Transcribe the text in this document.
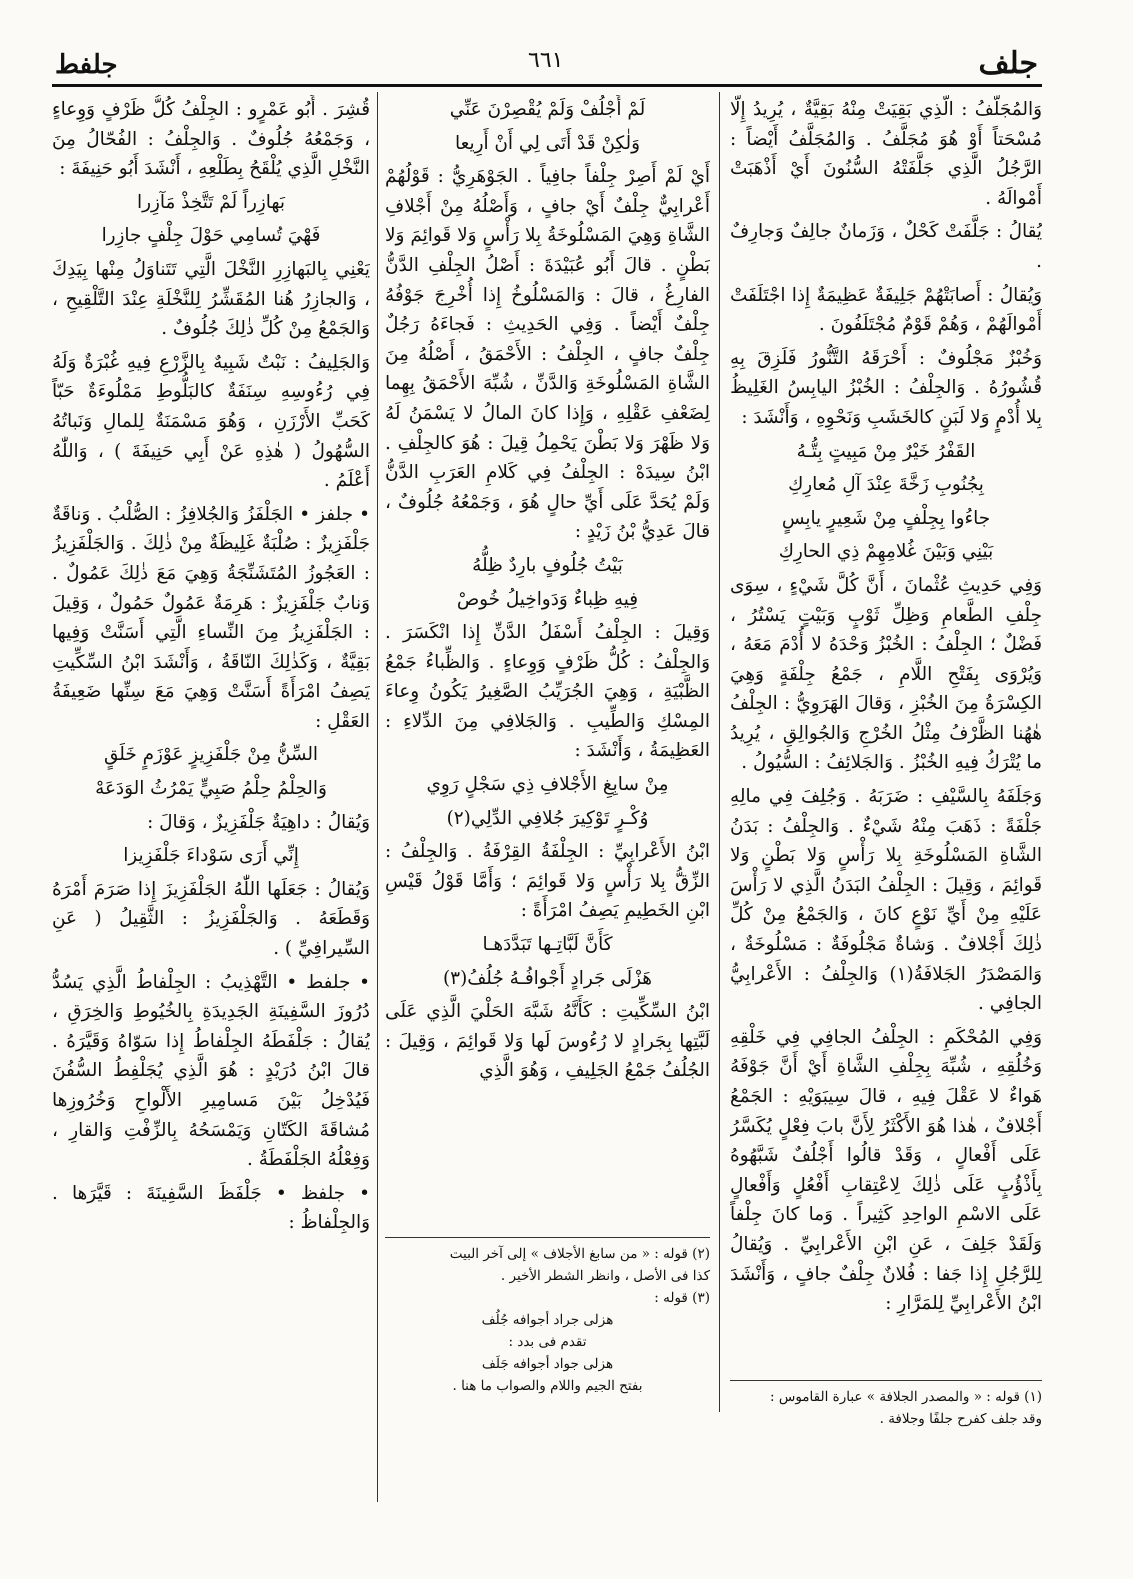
جلف
٦٦١
جلفط

وَالمُجَلَّفُ : الَّذِي بَقِيَتْ مِنْهُ بَقِيَّةٌ ، يُرِيدُ إِلَّا مُسْحَتاً أَوْ هُوَ مُجَلَّفُ . وَالمُجَلَّفُ أَيْضاً : الرَّجُلُ الَّذِي جَلَّفَتْهُ السُّنُونَ أَيْ أَذْهَبَتْ أَمْوالَهُ .

يُقالُ : جَلَّفَتْ كَحْلٌ ، وَزَمانٌ جالِفٌ وَجارِفٌ .

وَيُقالُ : أَصابَتْهُمْ جَلِيفَةٌ عَظِيمَةٌ إِذا اجْتَلَفَتْ أَمْوالَهُمْ ، وَهُمْ قَوْمٌ مُجْتَلَفُونَ .

وَخُبْزٌ مَجْلُوفٌ : أَحْرَقَهُ التَّنُّورُ فَلَزِقَ بِهِ قُشُورُهُ . وَالجِلْفُ : الخُبْزُ اليابِسُ الغَلِيظُ بِلا أُدْمٍ وَلا لَبَنٍ كالخَشَبِ وَنَحْوِهِ ، وَأَنْشَدَ :

القَفْرُ خَيْرٌ مِنْ مَبِيتٍ بِتُّـهُ

بِجُنُوبِ زَخَّةَ عِنْدَ آلِ مُعارِكِ

جاءُوا بِجِلْفٍ مِنْ شَعِيرٍ يابِسٍ

بَيْنِي وَبَيْنَ غُلامِهِمْ ذِي الحارِكِ

وَفِي حَدِيثِ عُثْمانَ ، أَنَّ كُلَّ شَيْءٍ ، سِوَى جِلْفِ الطَّعامِ وَظِلِّ ثَوْبٍ وَبَيْتٍ يَسْتُرُ ، فَضْلٌ ؛ الجِلْفُ : الخُبْزُ وَحْدَهُ لا أُدْمَ مَعَهُ ، وَيُرْوَى بِفَتْحِ اللَّامِ ، جَمْعُ جِلْفَةٍ وَهِيَ الكِسْرَةُ مِنَ الخُبْزِ ، وَقالَ الهَرَوِيُّ : الجِلْفُ هٰهُنا الظَّرْفُ مِثْلُ الخُرْجِ وَالجُوالِقِ ، يُرِيدُ ما يُتْرَكُ فِيهِ الخُبْزُ . وَالجَلائِفُ : السُّيُولُ .

وَجَلَفَهُ بِالسَّيْفِ : ضَرَبَهُ . وَجُلِفَ فِي مالِهِ جَلْفَةً : ذَهَبَ مِنْهُ شَيْءٌ . وَالجِلْفُ : بَدَنُ الشَّاةِ المَسْلُوخَةِ بِلا رَأْسٍ وَلا بَطْنٍ وَلا قَوائِمَ ، وَقِيلَ : الجِلْفُ البَدَنُ الَّذِي لا رَأْسَ عَلَيْهِ مِنْ أَيِّ نَوْعٍ كانَ ، وَالجَمْعُ مِنْ كُلِّ ذٰلِكَ أَجْلافٌ . وَشاةٌ مَجْلُوفَةٌ : مَسْلُوخَةٌ ، وَالمَصْدَرُ الجَلافَةُ(١) وَالجِلْفُ : الأَعْرابِيُّ الجافِي .

وَفِي المُحْكَمِ : الجِلْفُ الجافِي فِي خَلْقِهِ وَخُلُقِهِ ، شُبِّهَ بِجِلْفِ الشَّاةِ أَيْ أَنَّ جَوْفَهُ هَواءٌ لا عَقْلَ فِيهِ ، قالَ سِيبَوَيْهِ : الجَمْعُ أَجْلافٌ ، هٰذا هُوَ الأَكْثَرُ لِأَنَّ بابَ فِعْلٍ يُكَسَّرُ عَلَى أَفْعالٍ ، وَقَدْ قالُوا أَجْلُفٌ شَبَّهُوهُ بِأَذْؤُبٍ عَلَى ذٰلِكَ لِاعْتِقابِ أَفْعُلٍ وَأَفْعالٍ عَلَى الاسْمِ الواحِدِ كَثِيراً . وَما كانَ جِلْفاً وَلَقَدْ جَلِفَ ، عَنِ ابْنِ الأَعْرابِيِّ . وَيُقالُ لِلرَّجُلِ إِذا جَفا : فُلانٌ جِلْفٌ جافٍ ، وَأَنْشَدَ ابْنُ الأَعْرابِيِّ لِلمَرَّارِ :

لَمْ أَجْلُفْ وَلَمْ يُقْصِرْنَ عَنِّي

وَلٰكِنْ قَدْ أَتَى لِي أَنْ أَرِيعا

أَيْ لَمْ أَصِرْ جِلْفاً جافِياً . الجَوْهَرِيُّ : قَوْلُهُمْ أَعْرابِيٌّ جِلْفٌ أَيْ جافٍ ، وَأَصْلُهُ مِنْ أَجْلافِ الشَّاةِ وَهِيَ المَسْلُوخَةُ بِلا رَأْسٍ وَلا قَوائِمَ وَلا بَطْنٍ . قالَ أَبُو عُبَيْدَةَ : أَصْلُ الجِلْفِ الدَّنُّ الفارِغُ ، قالَ : وَالمَسْلُوخُ إِذا أُخْرِجَ جَوْفُهُ جِلْفٌ أَيْضاً . وَفِي الحَدِيثِ : فَجاءَهُ رَجُلٌ جِلْفٌ جافٍ ، الجِلْفُ : الأَحْمَقُ ، أَصْلُهُ مِنَ الشَّاةِ المَسْلُوخَةِ وَالدَّنِّ ، شُبِّهَ الأَحْمَقُ بِهِما لِضَعْفِ عَقْلِهِ ، وَإِذا كانَ المالُ لا يَسْمَنُ لَهُ وَلا ظَهْرَ وَلا بَطْنَ يَحْمِلُ قِيلَ : هُوَ كالجِلْفِ . ابْنُ سِيدَهْ : الجِلْفُ فِي كَلامِ العَرَبِ الدَّنُّ وَلَمْ يُحَدَّ عَلَى أَيِّ حالٍ هُوَ ، وَجَمْعُهُ جُلُوفٌ ، قالَ عَدِيُّ بْنُ زَيْدٍ :

بَيْتُ جُلُوفٍ بارِدٌ ظِلُّهُ

فِيهِ ظِباءٌ وَدَواخِيلُ خُوصْ

وَقِيلَ : الجِلْفُ أَسْفَلُ الدَّنِّ إِذا انْكَسَرَ . وَالجِلْفُ : كُلُّ ظَرْفٍ وَوِعاءٍ . وَالظِّباءُ جَمْعُ الظَّبْيَةِ ، وَهِيَ الجُرَيِّبُ الصَّغِيرُ يَكُونُ وِعاءَ المِسْكِ وَالطِّيبِ . وَالجَلافِي مِنَ الدِّلاءِ : العَظِيمَةُ ، وَأَنْشَدَ :

مِنْ سابِغِ الأَجْلافِ ذِي سَجْلٍ رَوِي

وُكْـرٍ تَوْكِيرَ جُلافِي الدِّلِي(٢)

ابْنُ الأَعْرابِيِّ : الجِلْفَةُ القِرْفَةُ . وَالجِلْفُ : الزِّقُّ بِلا رَأْسٍ وَلا قَوائِمَ ؛ وَأَمَّا قَوْلُ قَيْسِ ابْنِ الخَطِيمِ يَصِفُ امْرَأَةً :

كَأَنَّ لَبَّاتِـها تَبَدَّدَهـا

هَزْلَى جَرادٍ أَجْوافُـهُ جُلُفُ(٣)

ابْنُ السِّكِّيتِ : كَأَنَّهُ شَبَّهَ الحَلْيَ الَّذِي عَلَى لَبَّتِها بِجَرادٍ لا رُءُوسَ لَها وَلا قَوائِمَ ، وَقِيلَ : الجُلُفُ جَمْعُ الجَلِيفِ ، وَهُوَ الَّذِي

قُشِرَ . أَبُو عَمْرٍو : الجِلْفُ كُلُّ ظَرْفٍ وَوِعاءٍ ، وَجَمْعُهُ جُلُوفٌ . وَالجِلْفُ : الفُحّالُ مِنَ النَّخْلِ الَّذِي يُلْقَحُ بِطَلْعِهِ ، أَنْشَدَ أَبُو حَنِيفَةَ :

بَهازِراً لَمْ تَتَّخِذْ مَآزِرا

فَهْيَ تُسامِي حَوْلَ جِلْفٍ جازِرا

يَعْنِي بِالبَهازِرِ النَّخْلَ الَّتِي تَتَناوَلُ مِنْها بِيَدِكَ ، وَالجازِرُ هُنا المُقَشِّرُ لِلنَّخْلَةِ عِنْدَ التَّلْقِيحِ ، وَالجَمْعُ مِنْ كُلِّ ذٰلِكَ جُلُوفٌ .

وَالجَلِيفُ : نَبْتٌ شَبِيهٌ بِالزَّرْعِ فِيهِ غُبْرَةٌ وَلَهُ فِي رُءُوسِهِ سِنَفَةٌ كالبَلُّوطِ مَمْلُوءَةٌ حَبّاً كَحَبِّ الأَرْزَنِ ، وَهُوَ مَسْمَنَةٌ لِلمالِ وَنَباتُهُ السُّهُولُ ( هٰذِهِ عَنْ أَبِي حَنِيفَةَ ) ، وَاللّٰهُ أَعْلَمُ .

• جلفز • الجَلْفَزُ وَالجُلافِزُ : الصُّلْبُ . وَناقَةٌ جَلْفَزِيزٌ : صُلْبَةٌ غَلِيظَةٌ مِنْ ذٰلِكَ . وَالجَلْفَزِيزُ : العَجُوزُ المُتَشَنِّجَةُ وَهِيَ مَعَ ذٰلِكَ عَمُولٌ . وَنابٌ جَلْفَزِيزٌ : هَرِمَةٌ عَمُولٌ حَمُولٌ ، وَقِيلَ : الجَلْفَزِيزُ مِنَ النِّساءِ الَّتِي أَسَنَّتْ وَفِيها بَقِيَّةٌ ، وَكَذٰلِكَ النّاقَةُ ، وَأَنْشَدَ ابْنُ السِّكِّيتِ يَصِفُ امْرَأَةً أَسَنَّتْ وَهِيَ مَعَ سِنِّها ضَعِيفَةُ العَقْلِ :

السِّنُّ مِنْ جَلْفَزِيزٍ عَوْزَمٍ خَلَقٍ

وَالحِلْمُ حِلْمُ صَبِيٍّ يَمْرُثُ الوَدَعَهْ

وَيُقالُ : داهِيَةٌ جَلْفَزِيزٌ ، وَقالَ :

إِنِّي أَرَى سَوْداءَ جَلْفَزِيزا

وَيُقالُ : جَعَلَها اللّٰهُ الجَلْفَزِيزَ إِذا صَرَمَ أَمْرَهُ وَقَطَعَهُ . وَالجَلْفَزِيزُ : الثَّقِيلُ ( عَنِ السِّيرافِيِّ ) .

• جلفط • التَّهْذِيبُ : الجِلْفاطُ الَّذِي يَسُدُّ دُرُوزَ السَّفِينَةِ الجَدِيدَةِ بِالخُيُوطِ وَالخِرَقِ ، يُقالُ : جَلْفَطَهُ الجِلْفاطُ إِذا سَوّاهُ وَقَيَّرَهُ . قالَ ابْنُ دُرَيْدٍ : هُوَ الَّذِي يُجَلْفِطُ السُّفُنَ فَيُدْخِلُ بَيْنَ مَسامِيرِ الأَلْواحِ وَخُرُوزِها مُشاقَةَ الكَتّانِ وَيَمْسَحُهُ بِالزِّفْتِ وَالقارِ ، وَفِعْلُهُ الجَلْفَطَةُ .

• جلفظ • جَلْفَظَ السَّفِينَةَ : قَيَّرَها . وَالجِلْفاظُ :

(٢) قوله : « من سابغ الأجلاف » إلى آخر البيت

كذا فى الأصل ، وانظر الشطر الأخير .

(٣) قوله :

هزلى جراد أجوافه جُلُف

تقدم فى بدد :

هزلى جواد أجوافه جَلَف

بفتح الجيم واللام والصواب ما هنا .

(١) قوله : « والمصدر الجلافة » عبارة القاموس :

وقد جلف كفرح جلفًا وجلافة .
